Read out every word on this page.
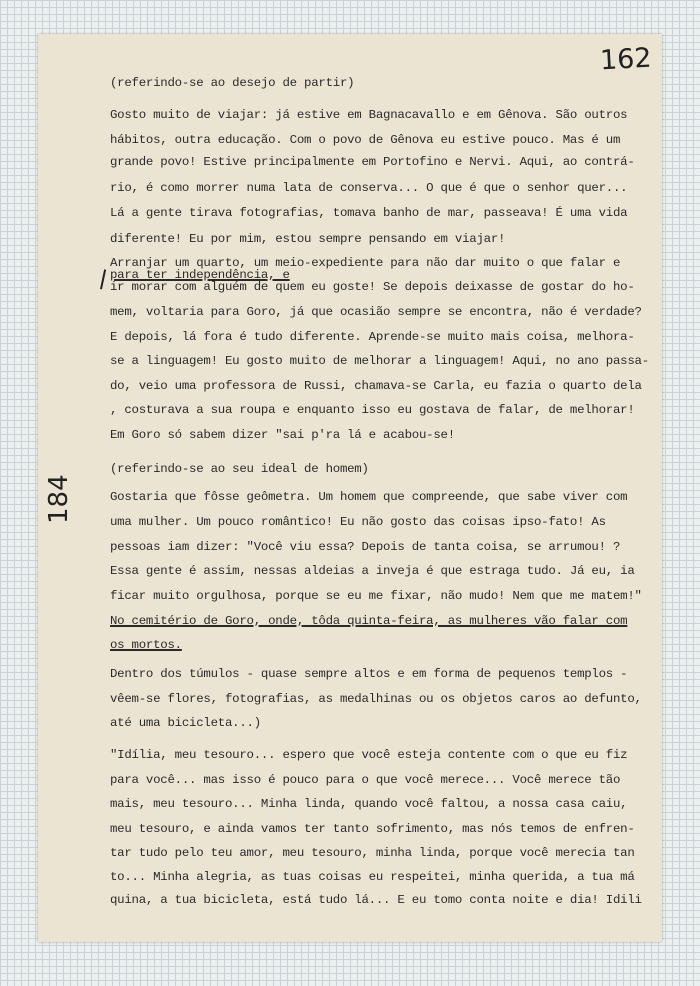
162
184
(referindo-se ao desejo de partir)
Gosto muito de viajar: já estive em Bagnacavallo e em Gênova. São outros
hábitos, outra educação. Com o povo de Gênova eu estive pouco. Mas é um
grande povo! Estive principalmente em Portofino e Nervi. Aqui, ao contrá-
rio, é como morrer numa lata de conserva... O que é que o senhor quer...
Lá a gente tirava fotografias, tomava banho de mar, passeava! É uma vida
diferente! Eu por mim, estou sempre pensando em viajar!
Arranjar um quarto, um meio-expediente para não dar muito o que falar e
para ter independência, e
ir morar com alguém de quem eu goste! Se depois deixasse de gostar do ho-
mem, voltaria para Goro, já que ocasião sempre se encontra, não é verdade?
E depois, lá fora é tudo diferente. Aprende-se muito mais coisa, melhora-
se a linguagem! Eu gosto muito de melhorar a linguagem! Aqui, no ano passa-
do, veio uma professora de Russi, chamava-se Carla, eu fazia o quarto dela
, costurava a sua roupa e enquanto isso eu gostava de falar, de melhorar!
Em Goro só sabem dizer "sai p'ra lá e acabou-se!
(referindo-se ao seu ideal de homem)
Gostaria que fôsse geômetra. Um homem que compreende, que sabe viver com
uma mulher. Um pouco romântico! Eu não gosto das coisas ipso-fato! As
pessoas iam dizer: "Você viu essa? Depois de tanta coisa, se arrumou! ?
Essa gente é assim, nessas aldeias a inveja é que estraga tudo. Já eu, ia
ficar muito orgulhosa, porque se eu me fixar, não mudo! Nem que me matem!"
No cemitério de Goro, onde, tôda quinta-feira, as mulheres vão falar com
os mortos.
Dentro dos túmulos - quase sempre altos e em forma de pequenos templos -
vêem-se flores, fotografias, as medalhinas ou os objetos caros ao defunto,
até uma bicicleta...)
"Idília, meu tesouro... espero que você esteja contente com o que eu fiz
para você... mas isso é pouco para o que você merece... Você merece tão
mais, meu tesouro... Minha linda, quando você faltou, a nossa casa caiu,
meu tesouro, e ainda vamos ter tanto sofrimento, mas nós temos de enfren-
tar tudo pelo teu amor, meu tesouro, minha linda, porque você merecia tan
to... Minha alegria, as tuas coisas eu respeitei, minha querida, a tua má
quina, a tua bicicleta, está tudo lá... E eu tomo conta noite e dia! Idili
